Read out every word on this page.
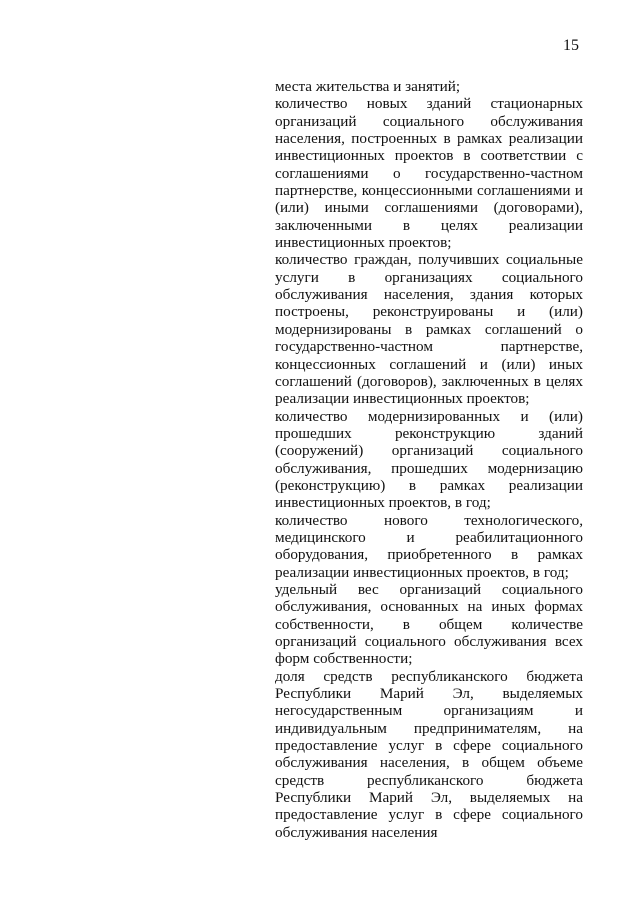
15

места жительства и занятий;

количество новых зданий стационарных организаций социального обслуживания населения, построенных в рамках реализации инвестиционных проектов в соответствии с соглашениями о государственно-частном партнерстве, концессионными соглашениями и (или) иными соглашениями (договорами), заключенными в целях реализации инвестиционных проектов;

количество граждан, получивших социальные услуги в организациях социального обслуживания населения, здания которых построены, реконструированы и (или) модернизированы в рамках соглашений о государственно-частном партнерстве, концессионных соглашений и (или) иных соглашений (договоров), заключенных в целях реализации инвестиционных проектов;

количество модернизированных и (или) прошедших реконструкцию зданий (сооружений) организаций социального обслуживания, прошедших модернизацию (реконструкцию) в рамках реализации инвестиционных проектов, в год;

количество нового технологического, медицинского и реабилитационного оборудования, приобретенного в рамках реализации инвестиционных проектов, в год;

удельный вес организаций социального обслуживания, основанных на иных формах собственности, в общем количестве организаций социального обслуживания всех форм собственности;

доля средств республиканского бюджета Республики Марий Эл, выделяемых негосударственным организациям и индивидуальным предпринимателям, на предоставление услуг в сфере социального обслуживания населения, в общем объеме средств республиканского бюджета Республики Марий Эл, выделяемых на предоставление услуг в сфере социального обслуживания населения
